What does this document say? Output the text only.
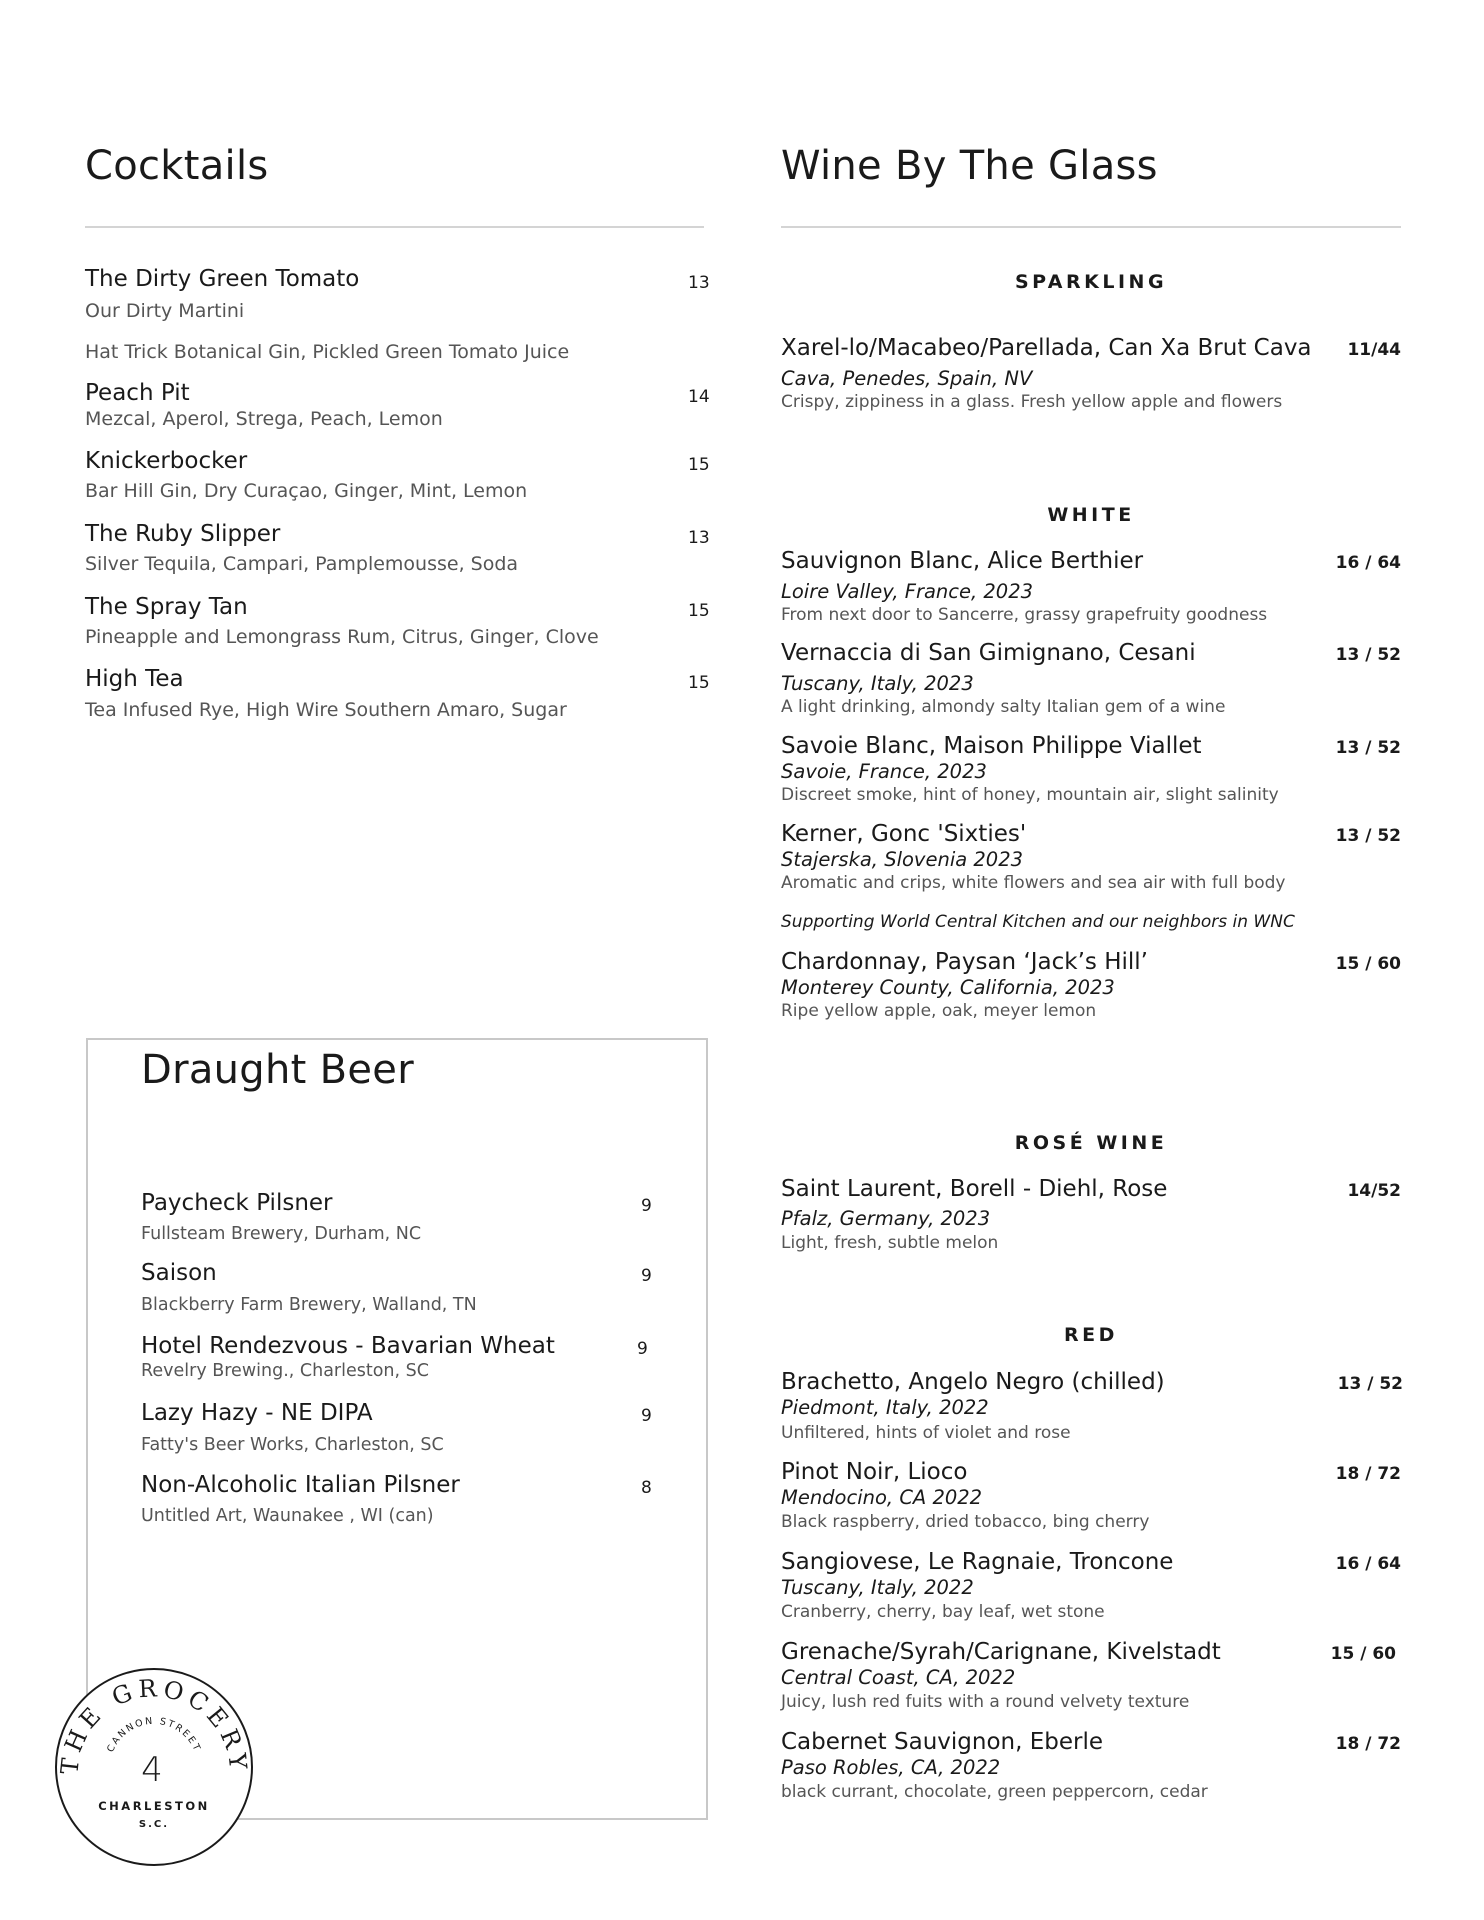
Cocktails
The Dirty Green Tomato	13
Our Dirty Martini
Hat Trick Botanical Gin, Pickled Green Tomato Juice
Peach Pit	14
Mezcal, Aperol, Strega, Peach, Lemon
Knickerbocker	15
Bar Hill Gin, Dry Curaçao, Ginger, Mint, Lemon
The Ruby Slipper	13
Silver Tequila, Campari, Pamplemousse, Soda
The Spray Tan	15
Pineapple and Lemongrass Rum, Citrus, Ginger, Clove
High Tea	15
Tea Infused Rye, High Wire Southern Amaro, Sugar
Draught Beer
Paycheck Pilsner	9
Fullsteam Brewery, Durham, NC
Saison	9
Blackberry Farm Brewery, Walland, TN
Hotel Rendezvous - Bavarian Wheat	9
Revelry Brewing., Charleston, SC
Lazy Hazy - NE DIPA	9
Fatty's Beer Works, Charleston, SC
Non-Alcoholic Italian Pilsner	8
Untitled Art, Waunakee , WI (can)
THE GROCERY
CANNON STREET
4
CHARLESTON
S.C.
Wine By The Glass
SPARKLING
Xarel-lo/Macabeo/Parellada, Can Xa Brut Cava	11/44
Cava, Penedes, Spain, NV
Crispy, zippiness in a glass. Fresh yellow apple and flowers
WHITE
Sauvignon Blanc, Alice Berthier	16 / 64
Loire Valley, France, 2023
From next door to Sancerre, grassy grapefruity goodness
Vernaccia di San Gimignano, Cesani	13 / 52
Tuscany, Italy, 2023
A light drinking, almondy salty Italian gem of a wine
Savoie Blanc, Maison Philippe Viallet	13 / 52
Savoie, France, 2023
Discreet smoke, hint of honey, mountain air, slight salinity
Kerner, Gonc 'Sixties'	13 / 52
Stajerska, Slovenia 2023
Aromatic and crips, white flowers and sea air with full body
Supporting World Central Kitchen and our neighbors in WNC
Chardonnay, Paysan ‘Jack’s Hill’	15 / 60
Monterey County, California, 2023
Ripe yellow apple, oak, meyer lemon
ROSÉ WINE
Saint Laurent, Borell - Diehl, Rose	14/52
Pfalz, Germany, 2023
Light, fresh, subtle melon
RED
Brachetto, Angelo Negro (chilled)	13 / 52
Piedmont, Italy, 2022
Unfiltered, hints of violet and rose
Pinot Noir, Lioco	18 / 72
Mendocino, CA 2022
Black raspberry, dried tobacco, bing cherry
Sangiovese, Le Ragnaie, Troncone	16 / 64
Tuscany, Italy, 2022
Cranberry, cherry, bay leaf, wet stone
Grenache/Syrah/Carignane, Kivelstadt	15 / 60
Central Coast, CA, 2022
Juicy, lush red fuits with a round velvety texture
Cabernet Sauvignon, Eberle	18 / 72
Paso Robles, CA, 2022
black currant, chocolate, green peppercorn, cedar
